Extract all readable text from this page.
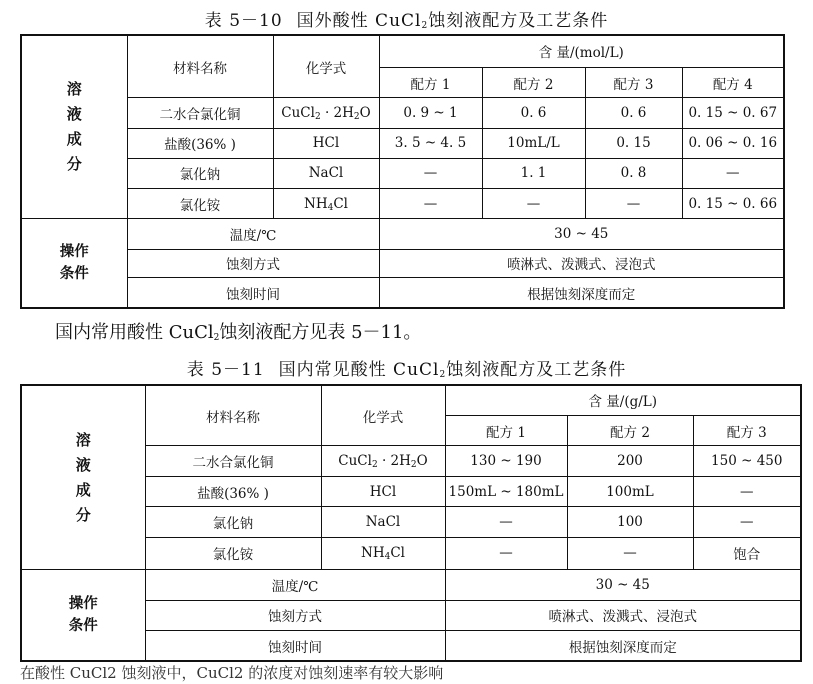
表 5－10 国外酸性 CuCl$_2$蚀刻液配方及工艺条件
溶
液
成
分	材料名称	化学式	含 量/(mol/L)			
			配方 1	配方 2	配方 3	配方 4
	二水合氯化铜	CuCl$_2$ · $2H_2O$	0. 9 ~ 1	0. 6	0. 6	0. 15 ~ 0. 67
	盐酸(36% )	HCl	3. 5 ~ 4. 5	10mL/L	0. 15	0. 06 ~ 0. 16
	氯化钠	NaCl	—	1. 1	0. 8	—
	氯化铵	$NH_4Cl$	—	—	—	0. 15 ~ 0. 66

操作
条件	温度/℃		30 ~ 45			
	蚀刻方式		喷淋式、泼溅式、浸泡式			
	蚀刻时间		根据蚀刻深度而定			
国内常用酸性 CuCl$_2$蚀刻液配方见表 5－11。
表 5－11 国内常见酸性 CuCl$_2$蚀刻液配方及工艺条件
溶
液
成
分	材料名称	化学式	含 量/(g/L)		
			配方 1	配方 2	配方 3
	二水合氯化铜	CuCl$_2$ · $2H_2O$	130 ~ 190	200	150 ~ 450
	盐酸(36% )	HCl	150mL ~ 180mL	100mL	—
	氯化钠	NaCl	—	100	—
	氯化铵	$NH_4Cl$	—	—	饱合

操作
条件	温度/℃		30 ~ 45		
	蚀刻方式		喷淋式、泼溅式、浸泡式		
	蚀刻时间		根据蚀刻深度而定		
在酸性 CuCl2 蚀刻液中，CuCl2 的浓度对蚀刻速率有较大影响
